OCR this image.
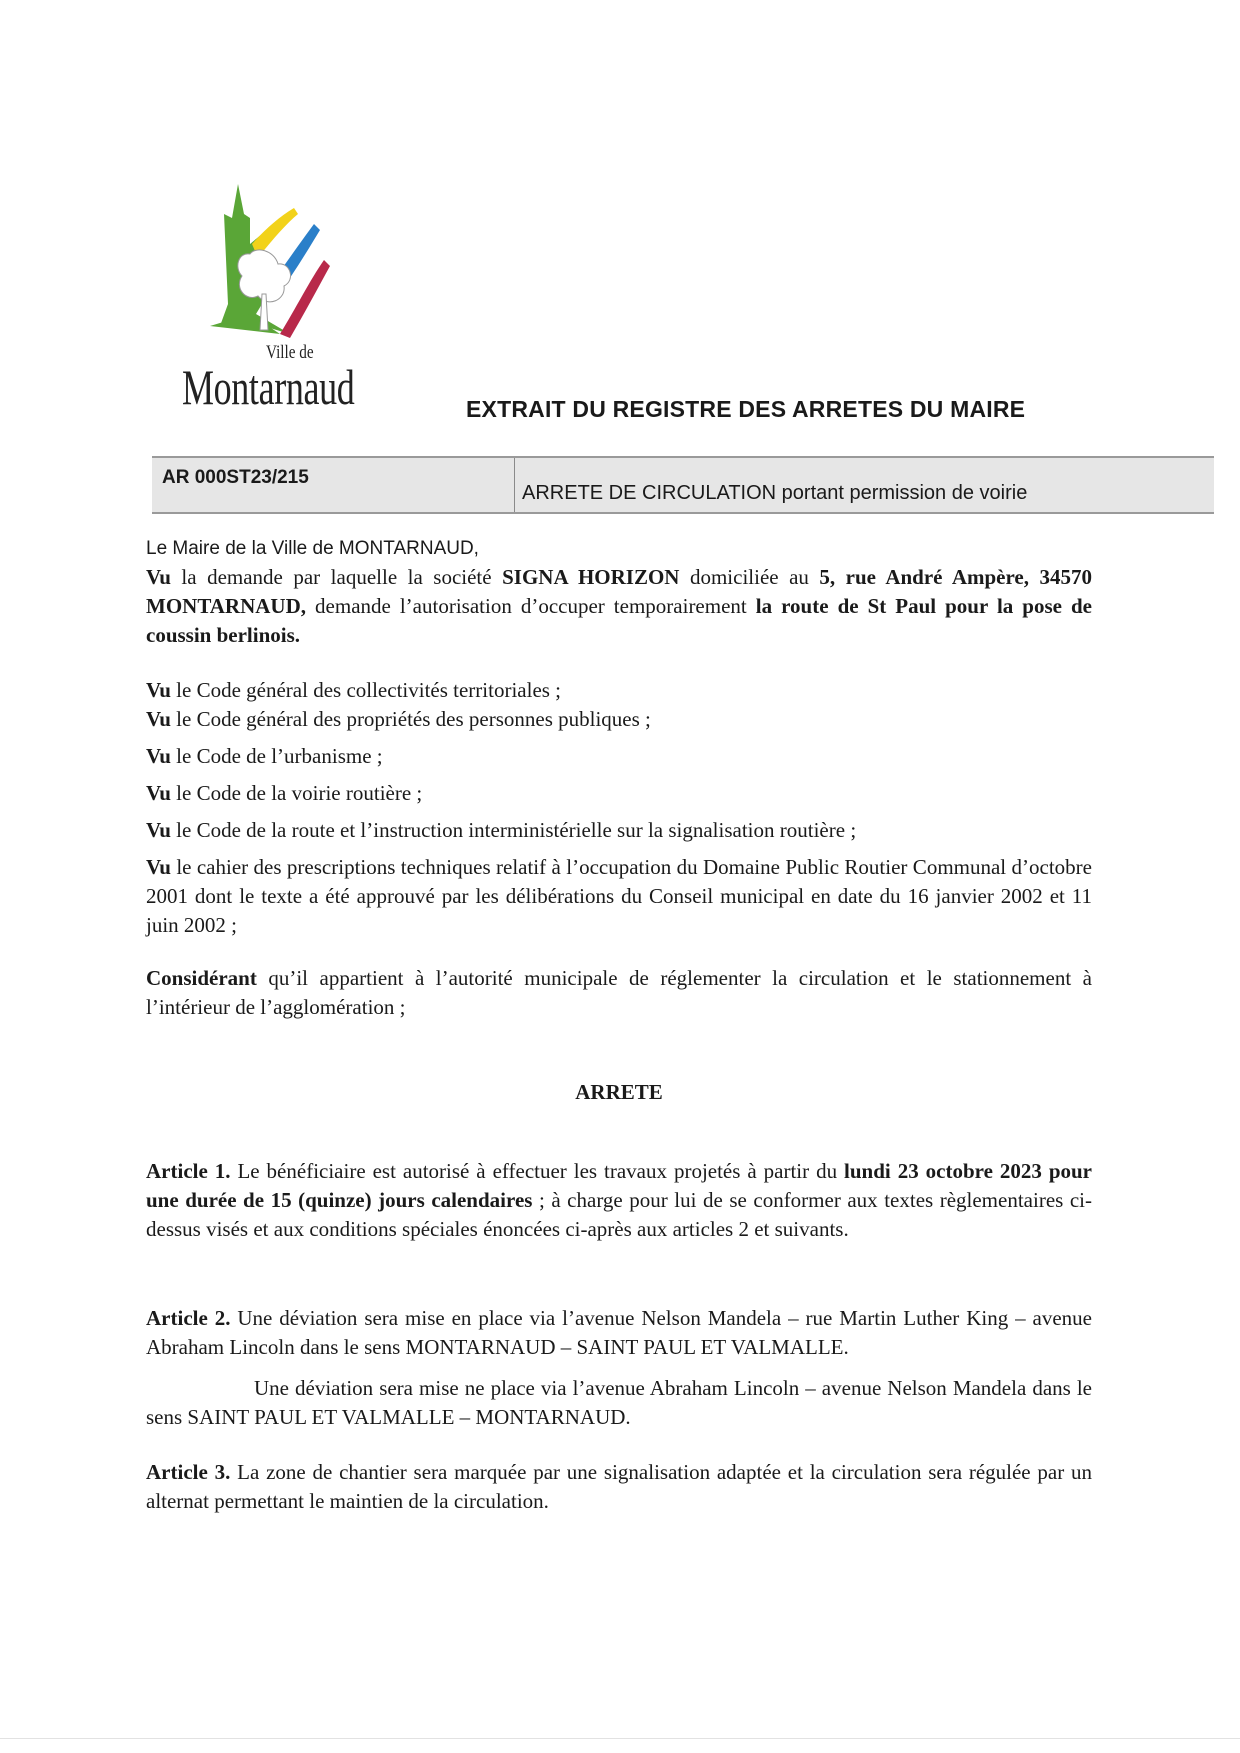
Ville de
Montarnaud	EXTRAIT DU REGISTRE DES ARRETES DU MAIRE
AR 000ST23/215
ARRETE DE CIRCULATION portant permission de voirie

Le Maire de la Ville de MONTARNAUD,

Vu la demande par laquelle la société SIGNA HORIZON domiciliée au 5, rue André Ampère, 34570 MONTARNAUD, demande l’autorisation d’occuper temporairement la route de St Paul pour la pose de coussin berlinois.

Vu le Code général des collectivités territoriales ;

Vu le Code général des propriétés des personnes publiques ;

Vu le Code de l’urbanisme ;

Vu le Code de la voirie routière ;

Vu le Code de la route et l’instruction interministérielle sur la signalisation routière ;

Vu le cahier des prescriptions techniques relatif à l’occupation du Domaine Public Routier Communal d’octobre 2001 dont le texte a été approuvé par les délibérations du Conseil municipal en date du 16 janvier 2002 et 11 juin 2002 ;

Considérant qu’il appartient à l’autorité municipale de réglementer la circulation et le stationnement à l’intérieur de l’agglomération ;

ARRETE

Article 1. Le bénéficiaire est autorisé à effectuer les travaux projetés à partir du lundi 23 octobre 2023 pour une durée de 15 (quinze) jours calendaires ; à charge pour lui de se conformer aux textes règlementaires ci-dessus visés et aux conditions spéciales énoncées ci-après aux articles 2 et suivants.

Article 2. Une déviation sera mise en place via l’avenue Nelson Mandela – rue Martin Luther King – avenue Abraham Lincoln dans le sens MONTARNAUD – SAINT PAUL ET VALMALLE.

Une déviation sera mise ne place via l’avenue Abraham Lincoln – avenue Nelson Mandela dans le sens SAINT PAUL ET VALMALLE – MONTARNAUD.

Article 3. La zone de chantier sera marquée par une signalisation adaptée et la circulation sera régulée par un alternat permettant le maintien de la circulation.
